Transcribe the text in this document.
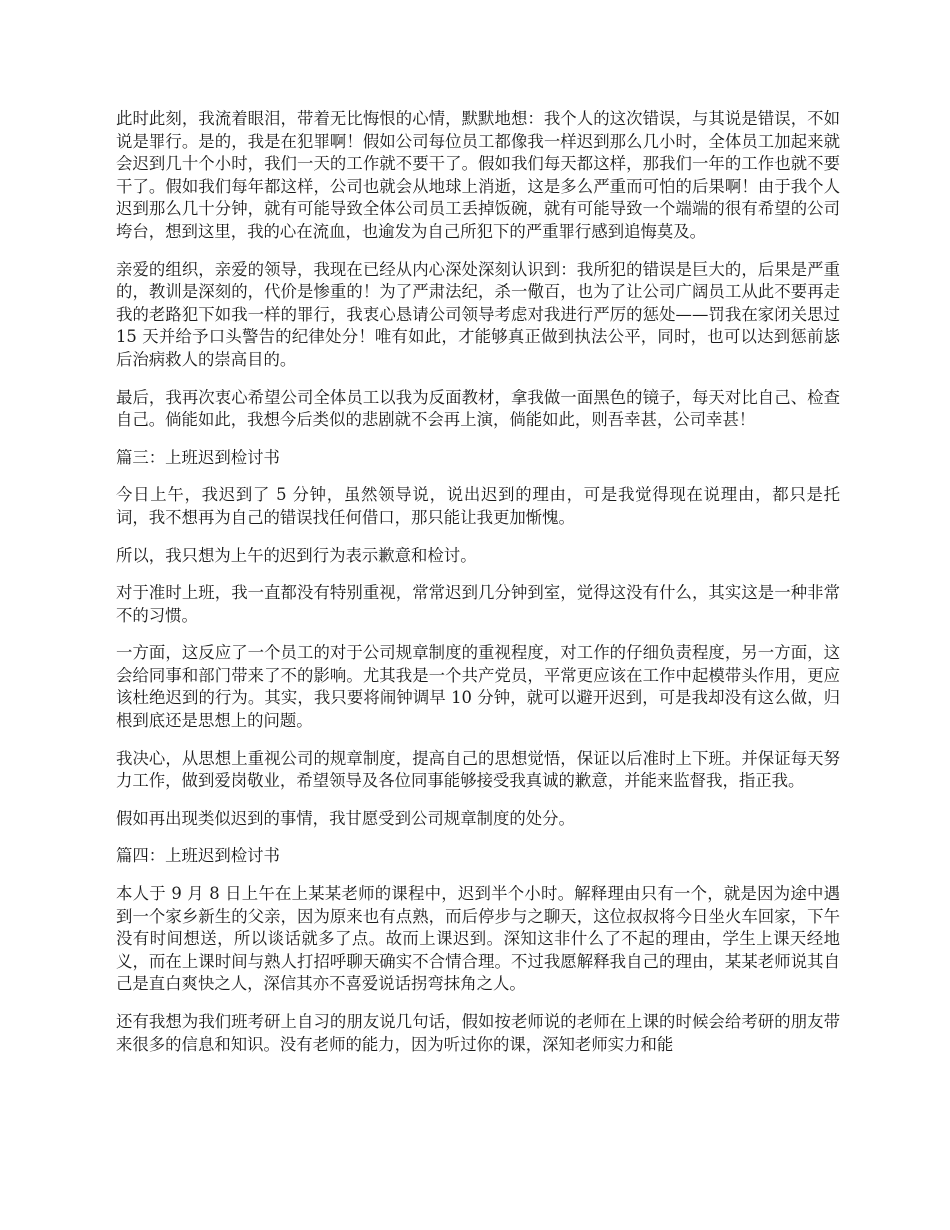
此时此刻，我流着眼泪，带着无比悔恨的心情，默默地想：我个人的这次错误，与其说是错误，不如说是罪行。是的，我是在犯罪啊！假如公司每位员工都像我一样迟到那么几小时，全体员工加起来就会迟到几十个小时，我们一天的工作就不要干了。假如我们每天都这样，那我们一年的工作也就不要干了。假如我们每年都这样，公司也就会从地球上消逝，这是多么严重而可怕的后果啊！由于我个人迟到那么几十分钟，就有可能导致全体公司员工丢掉饭碗，就有可能导致一个端端的很有希望的公司垮台，想到这里，我的心在流血，也逾发为自己所犯下的严重罪行感到追悔莫及。

亲爱的组织，亲爱的领导，我现在已经从内心深处深刻认识到：我所犯的错误是巨大的，后果是严重的，教训是深刻的，代价是惨重的！为了严肃法纪，杀一儆百，也为了让公司广阔员工从此不要再走我的老路犯下如我一样的罪行，我衷心恳请公司领导考虑对我进行严厉的惩处——罚我在家闭关思过 15 天并给予口头警告的纪律处分！唯有如此，才能够真正做到执法公平，同时，也可以达到惩前毖后治病救人的崇高目的。

最后，我再次衷心希望公司全体员工以我为反面教材，拿我做一面黑色的镜子，每天对比自己、检查自己。倘能如此，我想今后类似的悲剧就不会再上演，倘能如此，则吾幸甚，公司幸甚！

篇三：上班迟到检讨书

今日上午，我迟到了 5 分钟，虽然领导说，说出迟到的理由，可是我觉得现在说理由，都只是托词，我不想再为自己的错误找任何借口，那只能让我更加惭愧。

所以，我只想为上午的迟到行为表示歉意和检讨。

对于准时上班，我一直都没有特别重视，常常迟到几分钟到室，觉得这没有什么，其实这是一种非常不的习惯。

一方面，这反应了一个员工的对于公司规章制度的重视程度，对工作的仔细负责程度，另一方面，这会给同事和部门带来了不的影响。尤其我是一个共产党员，平常更应该在工作中起模带头作用，更应该杜绝迟到的行为。其实，我只要将闹钟调早 10 分钟，就可以避开迟到，可是我却没有这么做，归根到底还是思想上的问题。

我决心，从思想上重视公司的规章制度，提高自己的思想觉悟，保证以后准时上下班。并保证每天努力工作，做到爱岗敬业，希望领导及各位同事能够接受我真诚的歉意，并能来监督我，指正我。

假如再出现类似迟到的事情，我甘愿受到公司规章制度的处分。

篇四：上班迟到检讨书

本人于 9 月 8 日上午在上某某老师的课程中，迟到半个小时。解释理由只有一个，就是因为途中遇到一个家乡新生的父亲，因为原来也有点熟，而后停步与之聊天，这位叔叔将今日坐火车回家，下午没有时间想送，所以谈话就多了点。故而上课迟到。深知这非什么了不起的理由，学生上课天经地义，而在上课时间与熟人打招呼聊天确实不合情合理。不过我愿解释我自己的理由，某某老师说其自己是直白爽快之人，深信其亦不喜爱说话拐弯抹角之人。

还有我想为我们班考研上自习的朋友说几句话，假如按老师说的老师在上课的时候会给考研的朋友带来很多的信息和知识。没有老师的能力，因为听过你的课，深知老师实力和能
